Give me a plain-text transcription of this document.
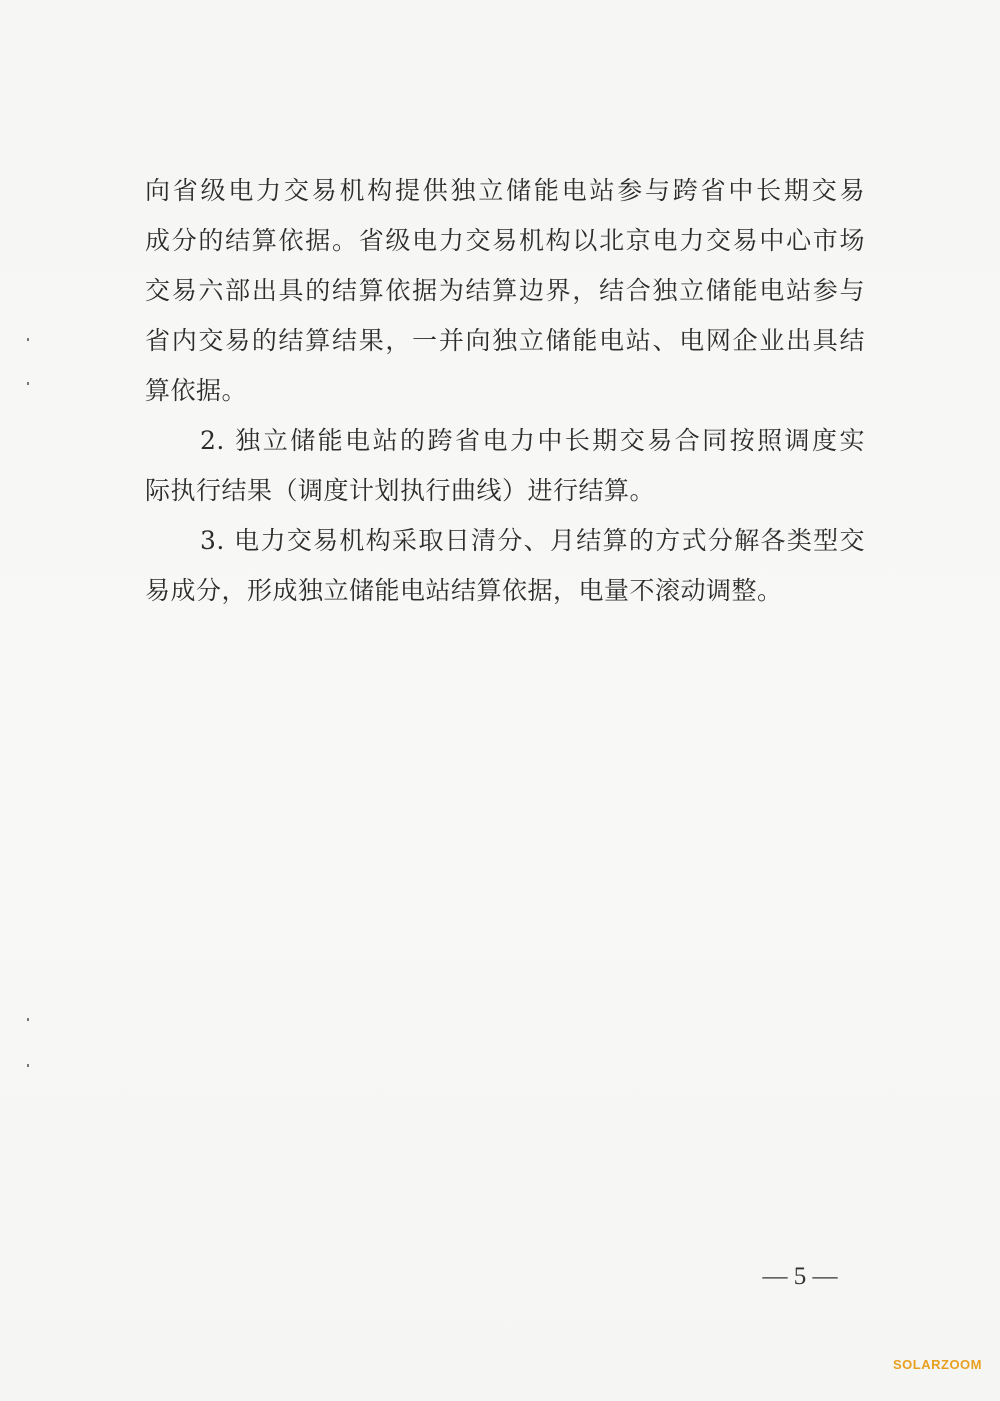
向省级电力交易机构提供独立储能电站参与跨省中长期交易
成分的结算依据。省级电力交易机构以北京电力交易中心市场
交易六部出具的结算依据为结算边界，结合独立储能电站参与
省内交易的结算结果，一并向独立储能电站、电网企业出具结
算依据。
2. 独立储能电站的跨省电力中长期交易合同按照调度实
际执行结果（调度计划执行曲线）进行结算。
3. 电力交易机构采取日清分、月结算的方式分解各类型交
易成分，形成独立储能电站结算依据，电量不滚动调整。
— 5 —
SOLARZOOM
